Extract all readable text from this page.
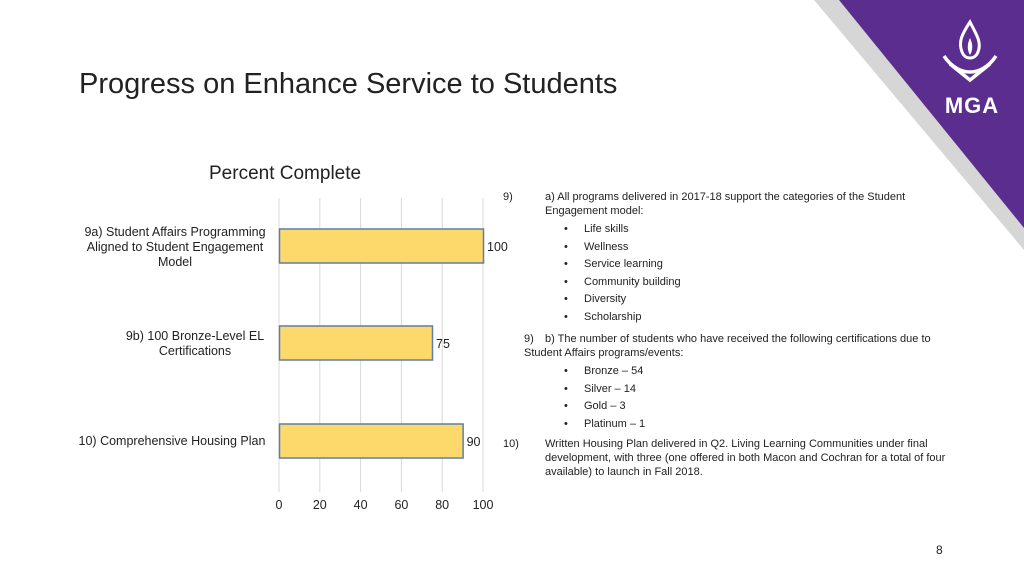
MGA
Progress on Enhance Service to Students
Percent Complete
0 20 40 60 80 100
100
75
90
9a) Student Affairs Programming Aligned to Student Engagement Model
9b) 100 Bronze-Level EL Certifications
10) Comprehensive Housing Plan
9)	a) All programs delivered in 2017-18 support the categories of the Student Engagement model:
• Life skills
• Wellness
• Service learning
• Community building
• Diversity
• Scholarship
9) b) The number of students who have received the following certifications due to Student Affairs programs/events:
• Bronze – 54
• Silver – 14
• Gold – 3
• Platinum – 1
10) Written Housing Plan delivered in Q2. Living Learning Communities under final development, with three (one offered in both Macon and Cochran for a total of four available) to launch in Fall 2018.
8
